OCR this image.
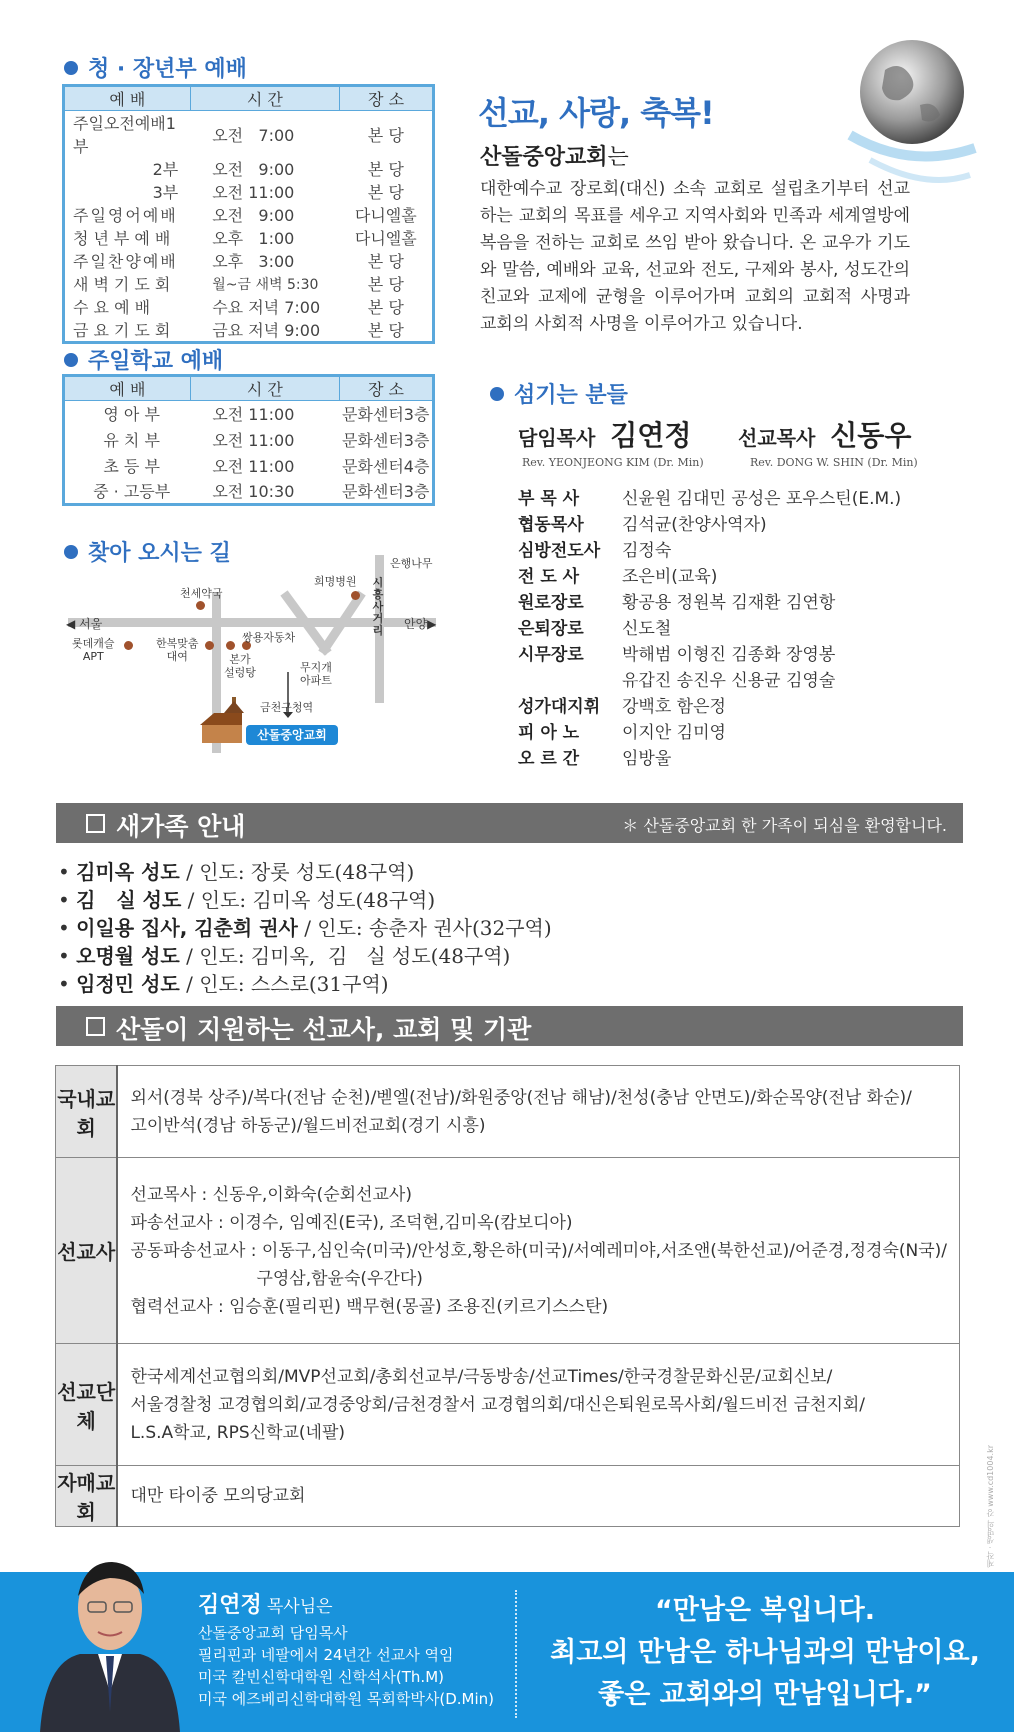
청 · 장년부 예배
예 배	시 간	장 소
주일오전예배1부	오전   7:00	본 당
2부	오전   9:00	본 당
3부	오전 11:00	본 당
주일영어예배	오전   9:00	다니엘홀
청년부예배	오후   1:00	다니엘홀
주일찬양예배	오후   3:00	본 당
새벽기도회	월~금 새벽 5:30	본 당
수 요 예 배	수요 저녁 7:00	본 당
금요기도회	금요 저녁 9:00	본 당
주일학교 예배
예 배	시 간	장 소
영 아 부	오전 11:00	문화센터3층
유 치 부	오전 11:00	문화센터3층
초 등 부	오전 11:00	문화센터4층
중 · 고등부	오전 10:30	문화센터3층
찾아 오시는 길
◀ 서울	안양▶
롯데캐슬
APT
한복맞춤
대여	본가
설렁탕
쌍용자동차
천세약국
희명병원 시흥사거리
은행나무
무지개
아파트
금천구청역
산돌중앙교회
선교, 사랑, 축복!
산돌중앙교회는
대한예수교 장로회(대신) 소속 교회로 설립초기부터 선교하는 교회의 목표를 세우고 지역사회와 민족과 세계열방에 복음을 전하는 교회로 쓰임 받아 왔습니다. 온 교우가 기도와 말씀, 예배와 교육, 선교와 전도, 구제와 봉사, 성도간의 친교와 교제에 균형을 이루어가며 교회의 교회적 사명과 교회의 사회적 사명을 이루어가고 있습니다.
섬기는 분들
담임목사 김연정
Rev. YEONJEONG KIM (Dr. Min)
선교목사 신동우
Rev. DONG W. SHIN (Dr. Min)
부 목 사	신윤원 김대민 공성은 포우스틴(E.M.)
협동목사	김석균(찬양사역자)
심방전도사	김정숙
전 도 사	조은비(교육)
원로장로	황공용 정원복 김재환 김연항
은퇴장로	신도철
시무장로	박해범 이형진 김종화 장영봉
유갑진 송진우 신용균 김영술
성가대지휘	강백호 함은정
피 아 노	이지안 김미영
오 르 간	임방울
새가족 안내	＊ 산돌중앙교회 한 가족이 되심을 환영합니다.
• 김미옥 성도 / 인도: 장롯 성도(48구역)
• 김   실 성도 / 인도: 김미옥 성도(48구역)
• 이일용 집사, 김춘희 권사 / 인도: 송춘자 권사(32구역)
• 오명월 성도 / 인도: 김미옥,  김   실 성도(48구역)
• 임정민 성도 / 인도: 스스로(31구역)
산돌이 지원하는 선교사, 교회 및 기관
국내교회	외서(경북 상주)/복다(전남 순천)/벧엘(전남)/화원중앙(전남 해남)/천성(충남 안면도)/화순목양(전남 화순)/
고이반석(경남 하동군)/월드비전교회(경기 시흥)

선교사	선교목사 : 신동우,이화숙(순회선교사)
파송선교사 : 이경수, 임예진(E국), 조덕현,김미옥(캄보디아)
공동파송선교사 : 이동구,심인숙(미국)/안성호,황은하(미국)/서예레미야,서조앤(북한선교)/어준경,정경숙(N국)/
구영삼,함윤숙(우간다)
협력선교사 : 임승훈(필리핀) 백무현(몽골) 조용진(키르기스스탄)

선교단체	한국세계선교협의회/MVP선교회/총회선교부/극동방송/선교Times/한국경찰문화신문/교회신보/
서울경찰청 교경협의회/교경중앙회/금천경찰서 교경협의회/대신은퇴원로목사회/월드비전 금천지회/
L.S.A학교, RPS신학교(네팔)

자매교회	대만 타이중 모의당교회	제작 · 생명의 강 www.cd1004.kr
김연정 목사님은
산돌중앙교회 담임목사
필리핀과 네팔에서 24년간 선교사 역임
미국 칼빈신학대학원 신학석사(Th.M)
미국 에즈베리신학대학원 목회학박사(D.Min)
“만남은 복입니다.
최고의 만남은 하나님과의 만남이요,
좋은 교회와의 만남입니다.”
